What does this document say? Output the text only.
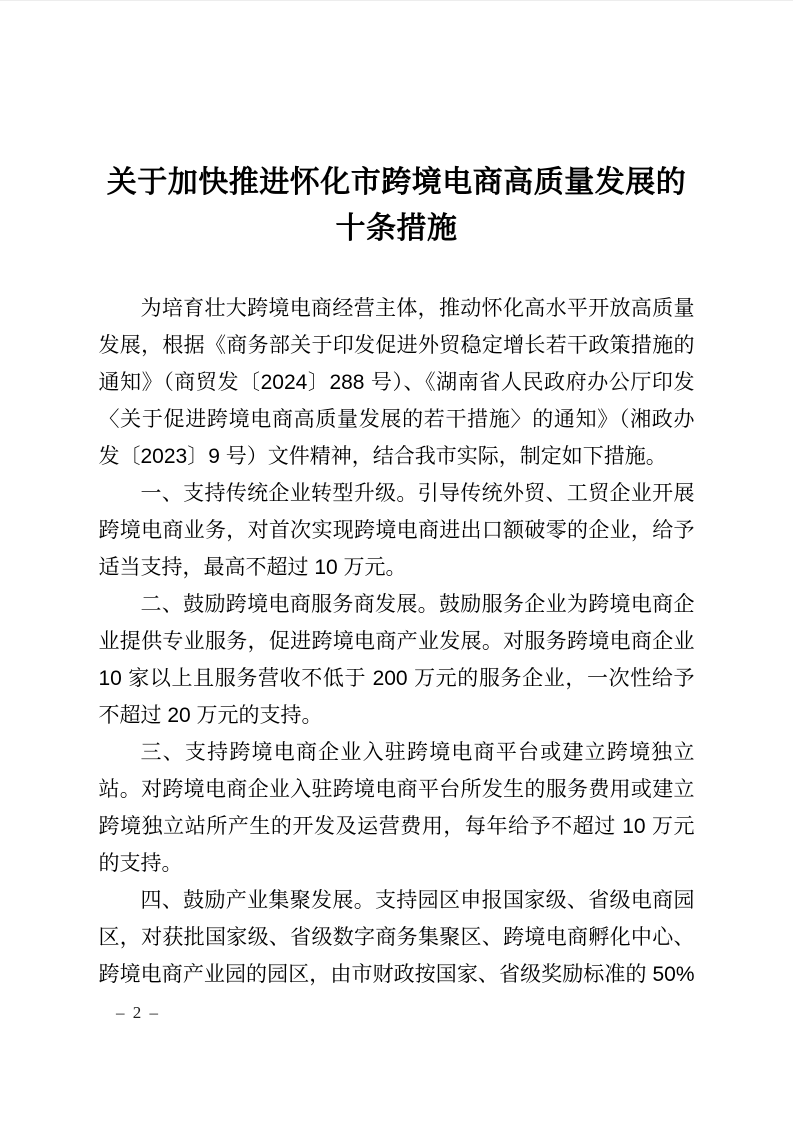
关于加快推进怀化市跨境电商高质量发展的
十条措施
为培育壮大跨境电商经营主体，推动怀化高水平开放高质量
发展，根据《商务部关于印发促进外贸稳定增长若干政策措施的
通知》（商贸发〔2024〕288 号）、《湖南省人民政府办公厅印发
〈关于促进跨境电商高质量发展的若干措施〉的通知》（湘政办
发〔2023〕9 号）文件精神，结合我市实际，制定如下措施。
一、支持传统企业转型升级。引导传统外贸、工贸企业开展
跨境电商业务，对首次实现跨境电商进出口额破零的企业，给予
适当支持，最高不超过 10 万元。
二、鼓励跨境电商服务商发展。鼓励服务企业为跨境电商企
业提供专业服务，促进跨境电商产业发展。对服务跨境电商企业
10 家以上且服务营收不低于 200 万元的服务企业，一次性给予
不超过 20 万元的支持。
三、支持跨境电商企业入驻跨境电商平台或建立跨境独立
站。对跨境电商企业入驻跨境电商平台所发生的服务费用或建立
跨境独立站所产生的开发及运营费用，每年给予不超过 10 万元
的支持。
四、鼓励产业集聚发展。支持园区申报国家级、省级电商园
区，对获批国家级、省级数字商务集聚区、跨境电商孵化中心、
跨境电商产业园的园区，由市财政按国家、省级奖励标准的 50%
– 2 –
